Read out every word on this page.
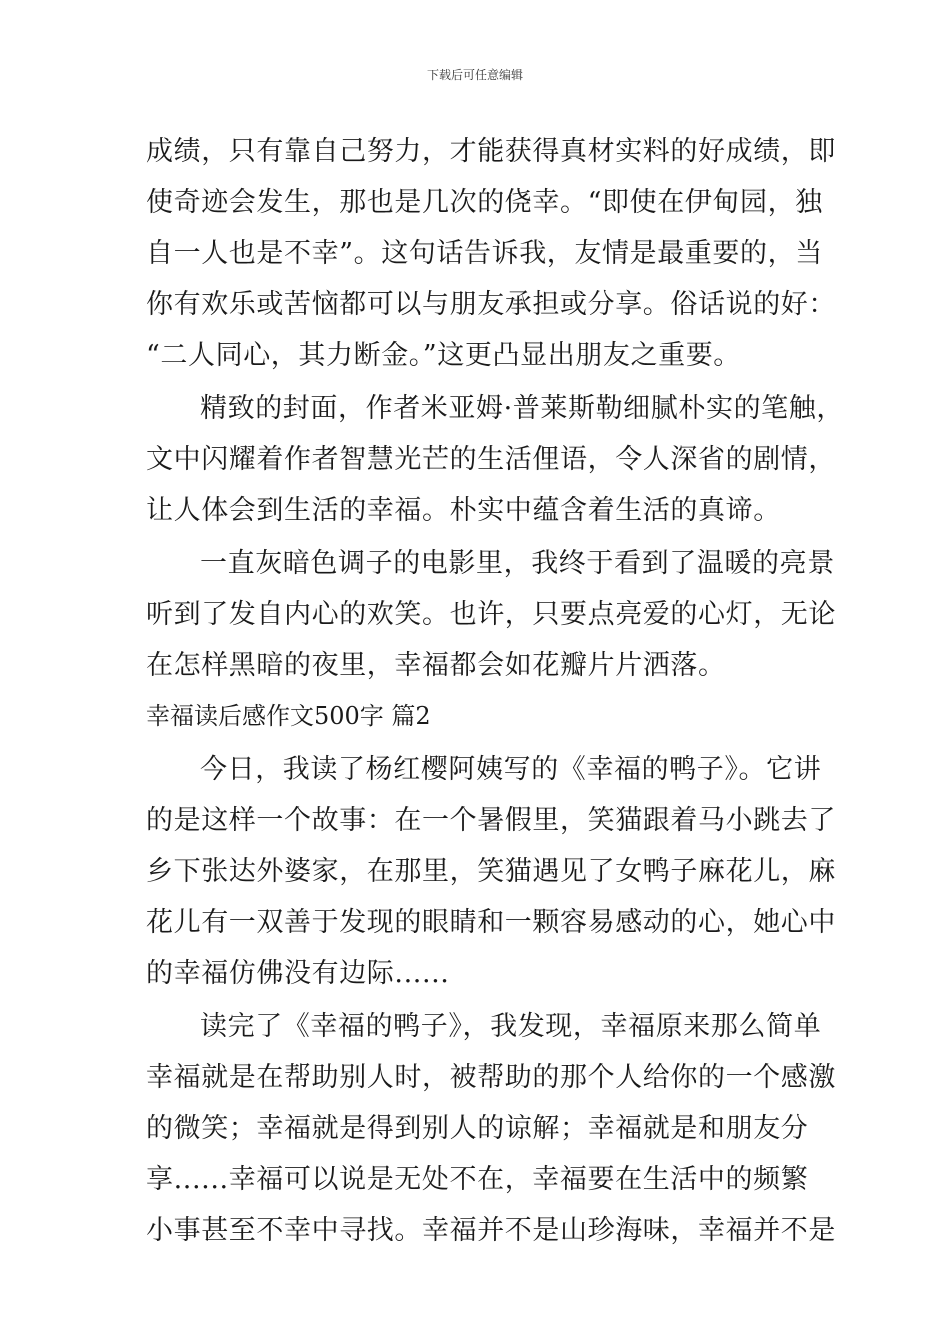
下载后可任意编辑
成绩，只有靠自己努力，才能获得真材实料的好成绩，即
使奇迹会发生，那也是几次的侥幸。“即使在伊甸园，独
自一人也是不幸”。这句话告诉我，友情是最重要的，当
你有欢乐或苦恼都可以与朋友承担或分享。俗话说的好：
“二人同心，其力断金。”这更凸显出朋友之重要。
精致的封面，作者米亚姆·普莱斯勒细腻朴实的笔触，
文中闪耀着作者智慧光芒的生活俚语，令人深省的剧情，
让人体会到生活的幸福。朴实中蕴含着生活的真谛。
一直灰暗色调子的电影里，我终于看到了温暖的亮景
听到了发自内心的欢笑。也许，只要点亮爱的心灯，无论
在怎样黑暗的夜里，幸福都会如花瓣片片洒落。
幸福读后感作文500字 篇2
今日，我读了杨红樱阿姨写的《幸福的鸭子》。它讲
的是这样一个故事：在一个暑假里，笑猫跟着马小跳去了
乡下张达外婆家，在那里，笑猫遇见了女鸭子麻花儿，麻
花儿有一双善于发现的眼睛和一颗容易感动的心，她心中
的幸福仿佛没有边际......
读完了《幸福的鸭子》，我发现，幸福原来那么简单
幸福就是在帮助别人时，被帮助的那个人给你的一个感激
的微笑；幸福就是得到别人的谅解；幸福就是和朋友分
享......幸福可以说是无处不在，幸福要在生活中的频繁
小事甚至不幸中寻找。幸福并不是山珍海味，幸福并不是
